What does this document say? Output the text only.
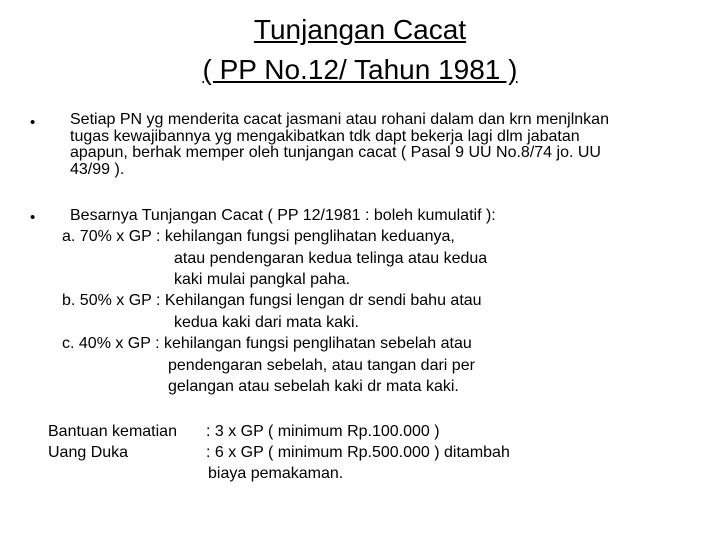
Tunjangan Cacat
( PP No.12/ Tahun 1981 )
• Setiap PN yg menderita cacat jasmani atau rohani dalam dan krn menjlnkan
tugas kewajibannya yg mengakibatkan tdk dapt bekerja lagi dlm jabatan
apapun, berhak memper oleh tunjangan cacat ( Pasal 9 UU No.8/74 jo. UU
43/99 ).
• Besarnya Tunjangan Cacat ( PP 12/1981 : boleh kumulatif ):
a. 70% x GP : kehilangan fungsi penglihatan keduanya,
atau pendengaran kedua telinga atau kedua
kaki mulai pangkal paha.
b. 50% x GP : Kehilangan fungsi lengan dr sendi bahu atau
kedua kaki dari mata kaki.
c. 40% x GP : kehilangan fungsi penglihatan sebelah atau
pendengaran sebelah, atau tangan dari per
gelangan atau sebelah kaki dr mata kaki.
Bantuan kematian : 3 x GP ( minimum Rp.100.000 )
Uang Duka	: 6 x GP ( minimum Rp.500.000 ) ditambah
biaya pemakaman.
